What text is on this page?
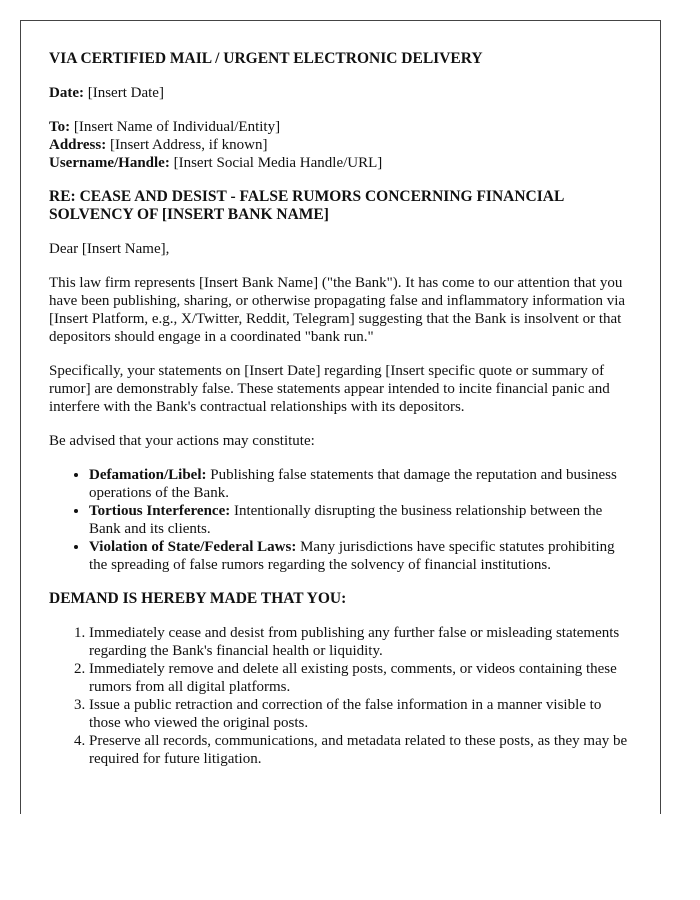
VIA CERTIFIED MAIL / URGENT ELECTRONIC DELIVERY

Date: [Insert Date]

To: [Insert Name of Individual/Entity]
Address: [Insert Address, if known]
Username/Handle: [Insert Social Media Handle/URL]

RE: CEASE AND DESIST - FALSE RUMORS CONCERNING FINANCIAL SOLVENCY OF [INSERT BANK NAME]

Dear [Insert Name],

This law firm represents [Insert Bank Name] ("the Bank"). It has come to our attention that you have been publishing, sharing, or otherwise propagating false and inflammatory information via [Insert Platform, e.g., X/Twitter, Reddit, Telegram] suggesting that the Bank is insolvent or that depositors should engage in a coordinated "bank run."

Specifically, your statements on [Insert Date] regarding [Insert specific quote or summary of rumor] are demonstrably false. These statements appear intended to incite financial panic and interfere with the Bank's contractual relationships with its depositors.

Be advised that your actions may constitute:

• Defamation/Libel: Publishing false statements that damage the reputation and business operations of the Bank.
• Tortious Interference: Intentionally disrupting the business relationship between the Bank and its clients.
• Violation of State/Federal Laws: Many jurisdictions have specific statutes prohibiting the spreading of false rumors regarding the solvency of financial institutions.

DEMAND IS HEREBY MADE THAT YOU:

1. Immediately cease and desist from publishing any further false or misleading statements regarding the Bank's financial health or liquidity.
2. Immediately remove and delete all existing posts, comments, or videos containing these rumors from all digital platforms.
3. Issue a public retraction and correction of the false information in a manner visible to those who viewed the original posts.
4. Preserve all records, communications, and metadata related to these posts, as they may be required for future litigation.
